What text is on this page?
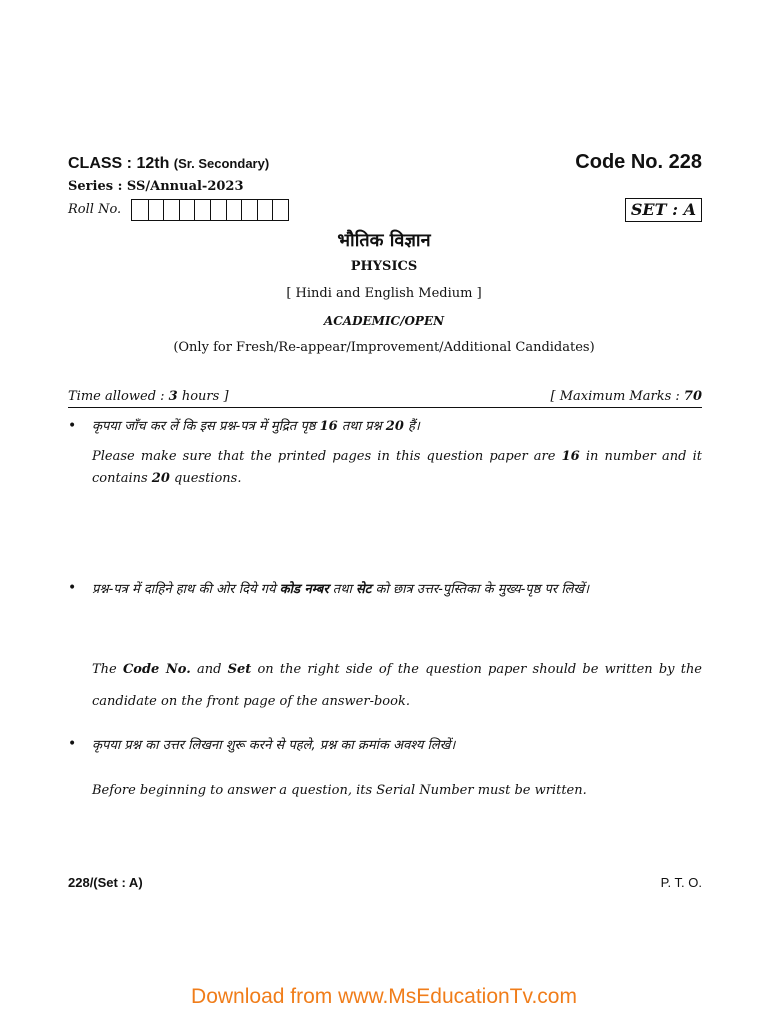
CLASS : 12th (Sr. Secondary)	Code No. 228
Series : SS/Annual-2023
Roll No.	SET : A
भौतिक विज्ञान
PHYSICS
[ Hindi and English Medium ]
ACADEMIC/OPEN
(Only for Fresh/Re-appear/Improvement/Additional Candidates)
Time allowed : 3 hours ]	[ Maximum Marks : 70
• कृपया जाँच कर लें कि इस प्रश्न-पत्र में मुद्रित पृष्ठ 16 तथा प्रश्न 20 हैं।
Please make sure that the printed pages in this question paper are 16 in number and it contains 20 questions.
• प्रश्न-पत्र में दाहिने हाथ की ओर दिये गये कोड नम्बर तथा सेट को छात्र उत्तर-पुस्तिका के मुख्य-पृष्ठ पर लिखें।
The Code No. and Set on the right side of the question paper should be written by the candidate on the front page of the answer-book.
• कृपया प्रश्न का उत्तर लिखना शुरू करने से पहले, प्रश्न का क्रमांक अवश्य लिखें।
Before beginning to answer a question, its Serial Number must be written.
228/(Set : A)	P. T. O.
Download from www.MsEducationTv.com
